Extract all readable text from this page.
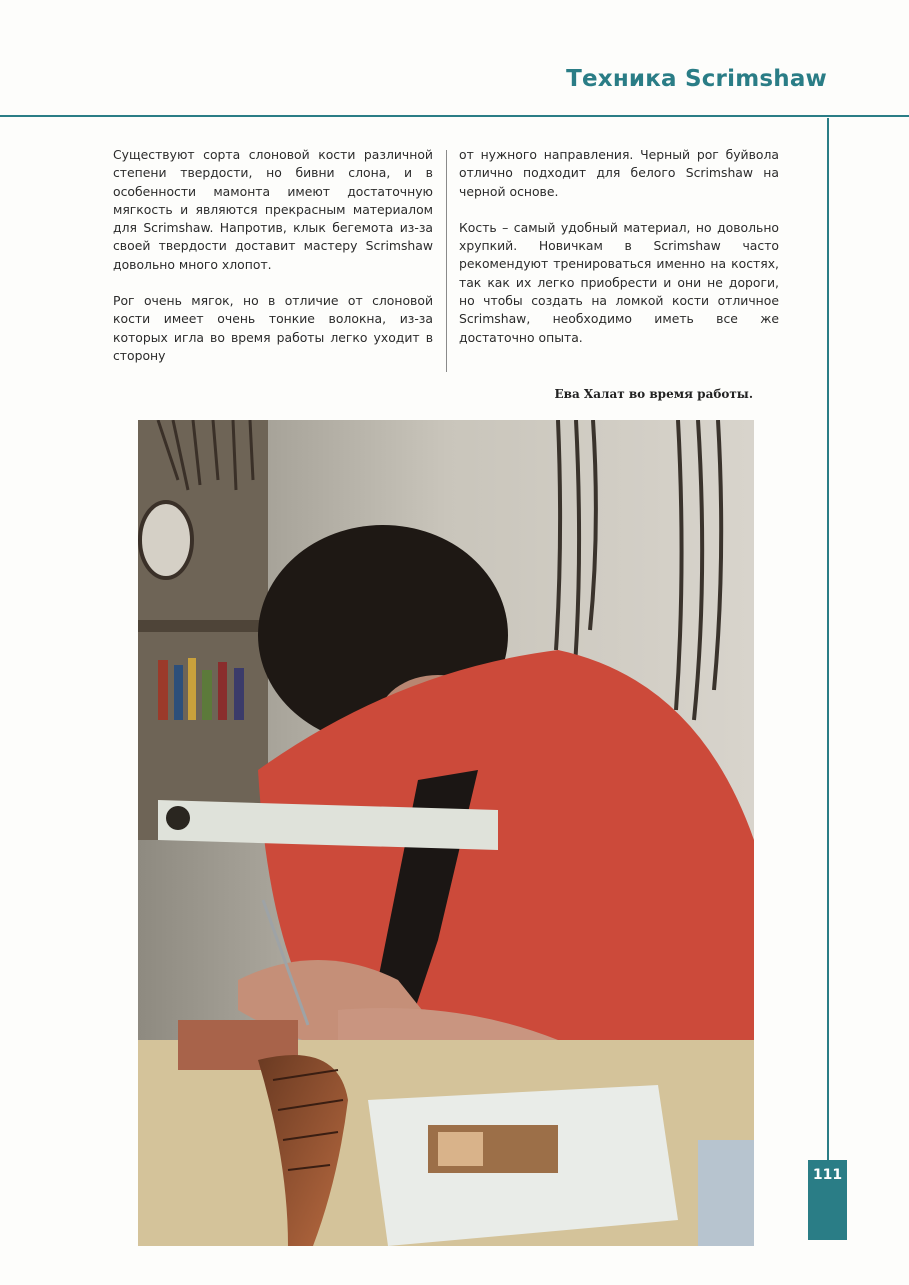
Техника Scrimshaw

Существуют сорта слоновой кости различной степени твердости, но бивни слона, и в особенности мамонта имеют достаточную мягкость и являются прекрасным материалом для Scrimshaw. Напротив, клык бегемота из-за своей твердости доставит мастеру Scrimshaw довольно много хлопот.

Рог очень мягок, но в отличие от слоновой кости имеет очень тонкие волокна, из-за которых игла во время работы легко уходит в сторону

от нужного направления. Черный рог буйвола отлично подходит для белого Scrimshaw на черной основе.

Кость – самый удобный материал, но довольно хрупкий. Новичкам в Scrimshaw часто рекомендуют тренироваться именно на костях, так как их легко приобрести и они не дороги, но чтобы создать на ломкой кости отличное Scrimshaw, необходимо иметь все же достаточно опыта.

Ева Халат во время работы.
111
